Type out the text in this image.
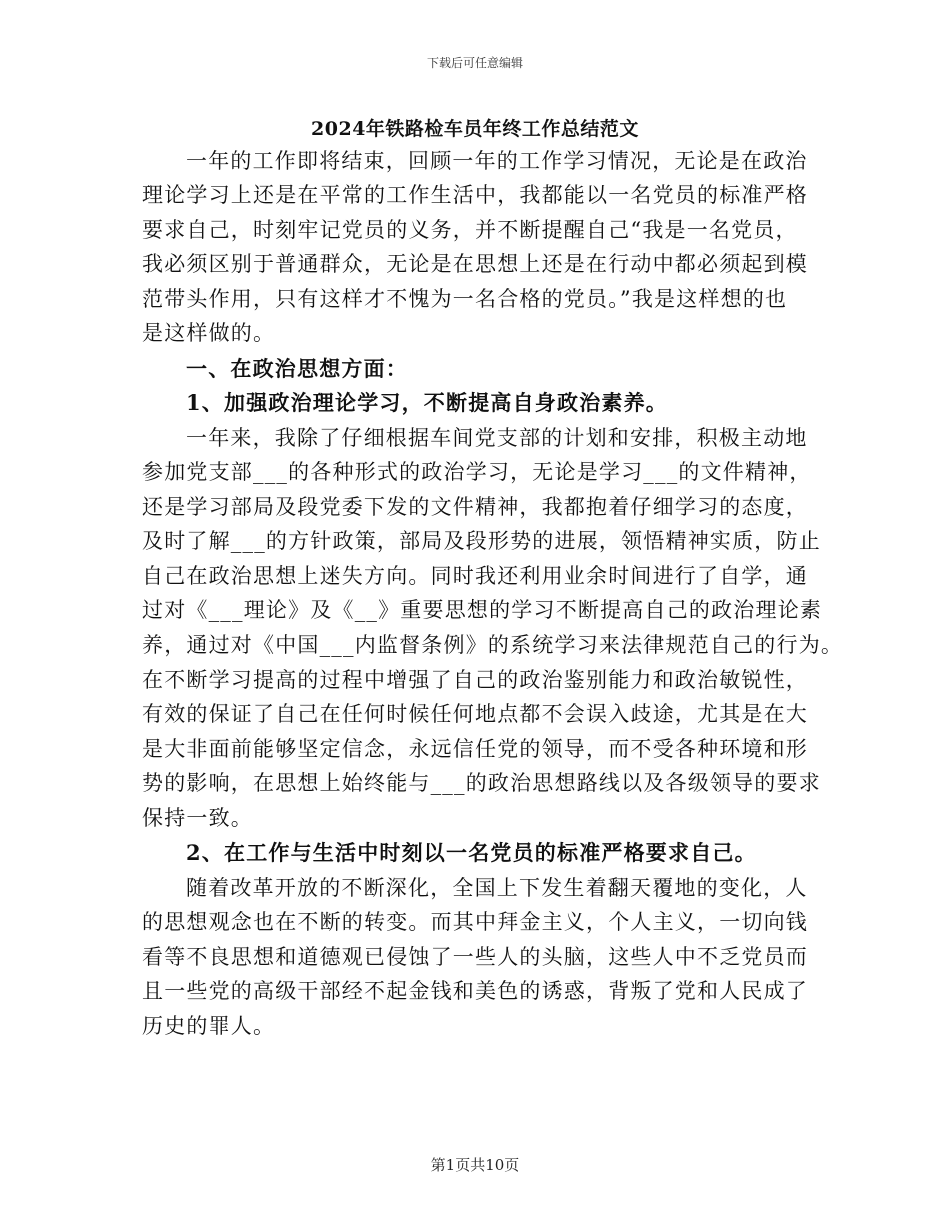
下载后可任意编辑
2024年铁路检车员年终工作总结范文
一年的工作即将结束，回顾一年的工作学习情况，无论是在政治
理论学习上还是在平常的工作生活中，我都能以一名党员的标准严格
要求自己，时刻牢记党员的义务，并不断提醒自己“我是一名党员，
我必须区别于普通群众，无论是在思想上还是在行动中都必须起到模
范带头作用，只有这样才不愧为一名合格的党员。”我是这样想的也
是这样做的。
一、在政治思想方面：
1、加强政治理论学习，不断提高自身政治素养。
一年来，我除了仔细根据车间党支部的计划和安排，积极主动地
参加党支部___的各种形式的政治学习，无论是学习___的文件精神，
还是学习部局及段党委下发的文件精神，我都抱着仔细学习的态度，
及时了解___的方针政策，部局及段形势的进展，领悟精神实质，防止
自己在政治思想上迷失方向。同时我还利用业余时间进行了自学，通
过对《___理论》及《__》重要思想的学习不断提高自己的政治理论素
养，通过对《中国___内监督条例》的系统学习来法律规范自己的行为。
在不断学习提高的过程中增强了自己的政治鉴别能力和政治敏锐性，
有效的保证了自己在任何时候任何地点都不会误入歧途，尤其是在大
是大非面前能够坚定信念，永远信任党的领导，而不受各种环境和形
势的影响，在思想上始终能与___的政治思想路线以及各级领导的要求
保持一致。
2、在工作与生活中时刻以一名党员的标准严格要求自己。
随着改革开放的不断深化，全国上下发生着翻天覆地的变化，人
的思想观念也在不断的转变。而其中拜金主义，个人主义，一切向钱
看等不良思想和道德观已侵蚀了一些人的头脑，这些人中不乏党员而
且一些党的高级干部经不起金钱和美色的诱惑，背叛了党和人民成了
历史的罪人。
第1页共10页
